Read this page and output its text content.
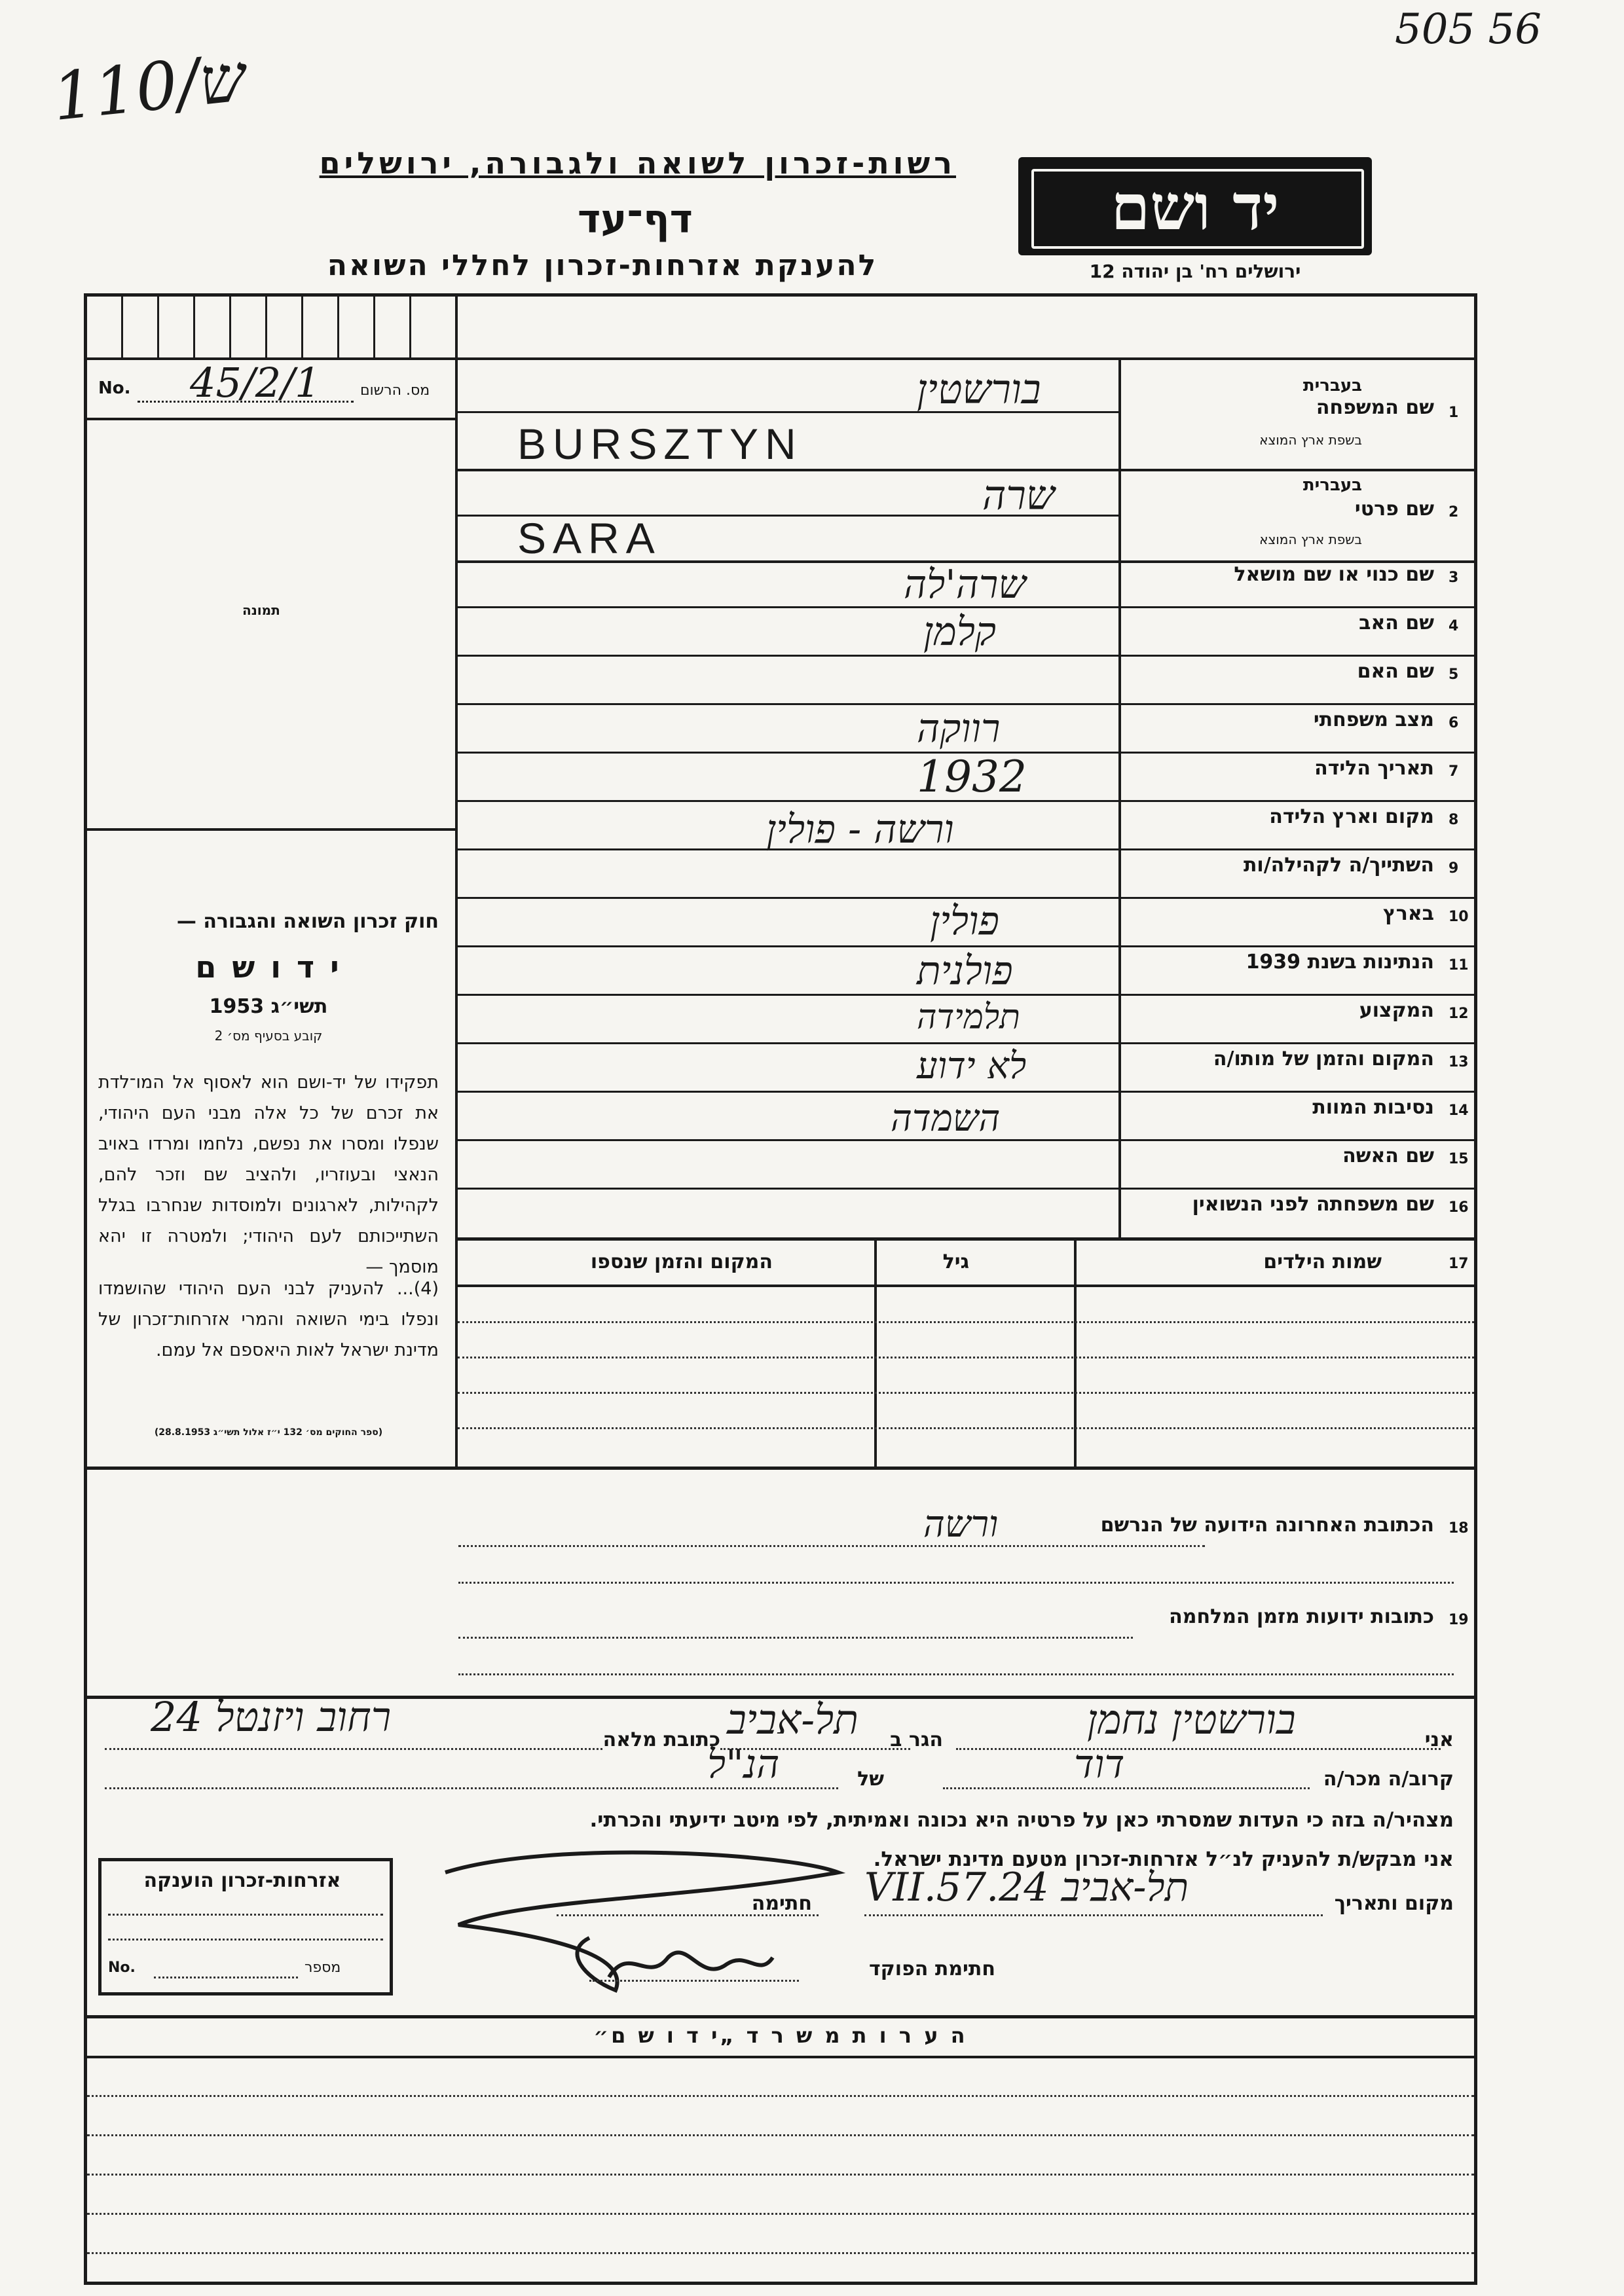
505 56
110/ש
רשות-זכרון לשואה ולגבורה, ירושלים
דף־עד
להענקת אזרחות-זכרון לחללי השואה
יד ושם
ירושלים רח' בן יהודה 12
No. 45/2/1	מס. הרשום
תמונה
חוק זכרון השואה והגבורה —
י ד ו ש ם
תשי״ג 1953
קובע בסעיף מס׳ 2
תפקידו של יד-ושם הוא לאסוף אל המו־לדת את זכרם של כל אלה מבני העם היהודי, שנפלו ומסרו את נפשם, נלחמו ומרדו באויב הנאצי ובעוזריו, ולהציב שם וזכר להם, לקהילות, לארגונים ולמוסדות שנחרבו בגלל השתייכותם לעם היהודי; ולמטרה זו יהא מוסמך —
(4)... להעניק לבני העם היהודי שהושמדו ונפלו בימי השואה והמרי אזרחות־זכרון של מדינת ישראל לאות היאספם אל עמם.
(ספר החוקים מס׳ 132 י״ז אלול תשי״ג 28.8.1953)
1
שם המשפחה
בעברית
בשפת ארץ המוצא
בורשטין
BURSZTYN
2
שם פרטי
בעברית
בשפת ארץ המוצא
שרה
SARA
3
שם כנוי או שם מושאל
שרה'לה
4
שם האב
קלמן
5
שם האם
6
מצב משפחתי
רווקה
7
תאריך הלידה
1932
8
מקום וארץ הלידה
ורשה - פולין
9
השתייך/ה לקהילה/ות
10
בארץ
פולין
11
הנתינות בשנת 1939
פולנית
12
המקצוע
תלמידה
13
המקום והזמן של מותו/ה
לא ידוע
14
נסיבות המוות
השמדה
15
שם האשה
16
שם משפחתה לפני הנשואין
17
שמות הילדים
גיל
המקום והזמן שנספו
18
הכתובת האחרונה הידועה של הנרשם
ורשה
19
כתובות ידועות מזמן המלחמה
אני
בורשטין נחמן
הגר ב
תל-אביב
כתובת מלאה
רחוב ויזנטל 24
קרוב/ה מכר/ה
דוד
של
הנ"ל
מצהיר/ה בזה כי העדות שמסרתי כאן על פרטיה היא נכונה ואמיתית, לפי מיטב ידיעתי והכרתי.
אני מבקש/ת להעניק לנ״ל אזרחות-זכרון מטעם מדינת ישראל.
מקום ותאריך
תל-אביב 24.VII.57
חתימה
חתימת הפוקד
אזרחות-זכרון הוענקה
No.	מספר
ה ע ר ו ת מ ש ר ד „י ד ו ש ם״
